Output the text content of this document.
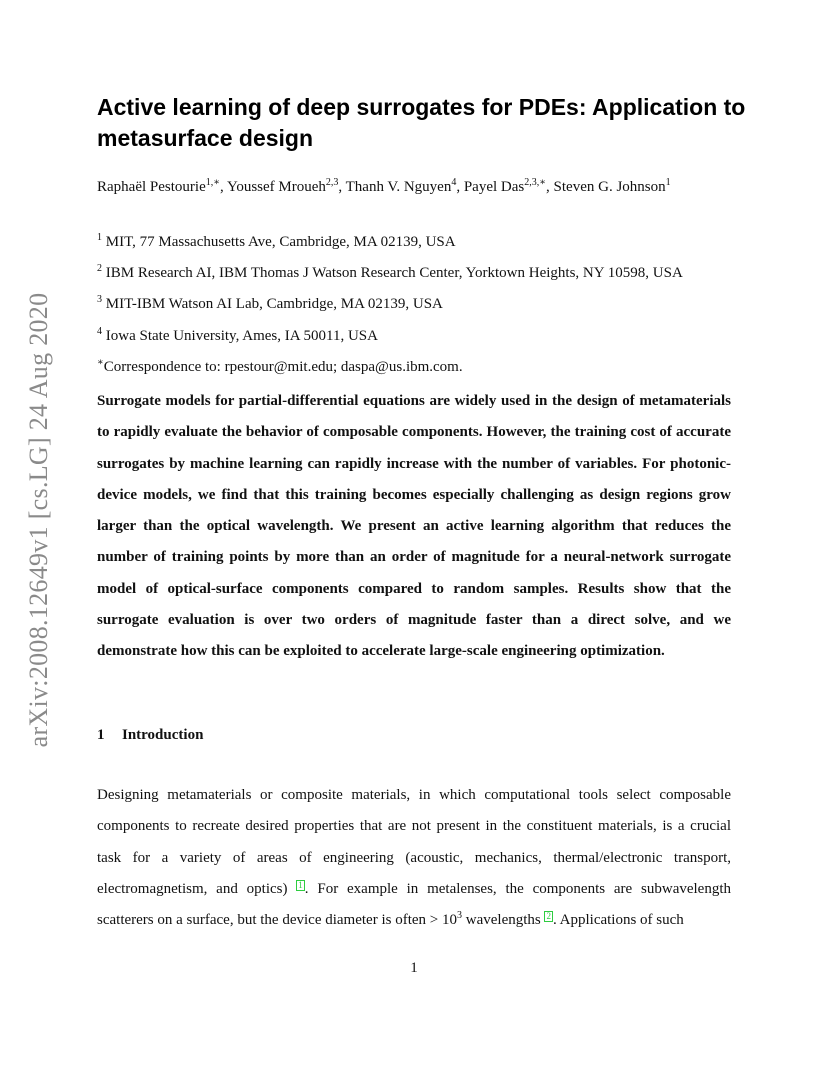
arXiv:2008.12649v1 [cs.LG] 24 Aug 2020
Active learning of deep surrogates for PDEs: Application to metasurface design
Raphaël Pestourie$^{1,∗}$, Youssef Mroueh$^{2,3}$, Thanh V. Nguyen$^4$, Payel Das$^{2,3,∗}$, Steven G. Johnson$^1$
$^1$ MIT, 77 Massachusetts Ave, Cambridge, MA 02139, USA
$^2$ IBM Research AI, IBM Thomas J Watson Research Center, Yorktown Heights, NY 10598, USA
$^3$ MIT-IBM Watson AI Lab, Cambridge, MA 02139, USA
$^4$ Iowa State University, Ames, IA 50011, USA
∗Correspondence to: rpestour@mit.edu; daspa@us.ibm.com.

Surrogate models for partial-differential equations are widely used in the design of metamaterials to rapidly evaluate the behavior of composable components. However, the training cost of accurate surrogates by machine learning can rapidly increase with the number of variables. For photonic-device models, we find that this training becomes especially challenging as design regions grow larger than the optical wavelength. We present an active learning algorithm that reduces the number of training points by more than an order of magnitude for a neural-network surrogate model of optical-surface components compared to random samples. Results show that the surrogate evaluation is over two orders of magnitude faster than a direct solve, and we demonstrate how this can be exploited to accelerate large-scale engineering optimization.

1 Introduction

Designing metamaterials or composite materials, in which computational tools select composable components to recreate desired properties that are not present in the constituent materials, is a crucial task for a variety of areas of engineering (acoustic, mechanics, thermal/electronic transport, electromagnetism, and optics) 1 . For example in metalenses, the components are subwavelength scatterers on a surface, but the device diameter is often > $10^3$ wavelengths 2 . Applications of such

1
